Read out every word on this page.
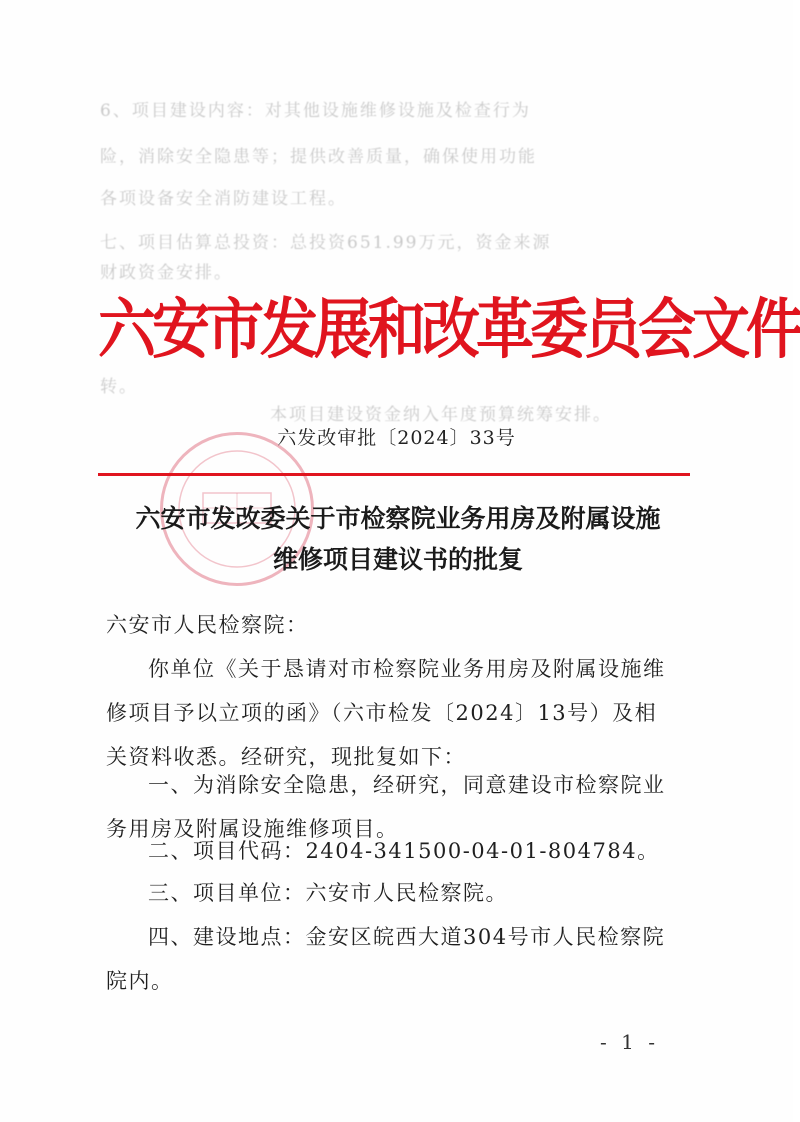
6、项目建设内容：对其他设施维修设施及检查行为
险，消除安全隐患等；提供改善质量，确保使用功能
各项设备安全消防建设工程。
七、项目估算总投资：总投资651.99万元，资金来源
财政资金安排。
转。
本项目建设资金纳入年度预算统筹安排。
六安市发展和改革委员会文件
六发改审批〔2024〕33号
六安市发改委关于市检察院业务用房及附属设施
维修项目建议书的批复
六安市人民检察院：
你单位《关于恳请对市检察院业务用房及附属设施维修项目予以立项的函》（六市检发〔2024〕13号）及相关资料收悉。经研究，现批复如下：
一、为消除安全隐患，经研究，同意建设市检察院业务用房及附属设施维修项目。
二、项目代码：2404-341500-04-01-804784。
三、项目单位：六安市人民检察院。
四、建设地点：金安区皖西大道304号市人民检察院院内。
- 1 -
